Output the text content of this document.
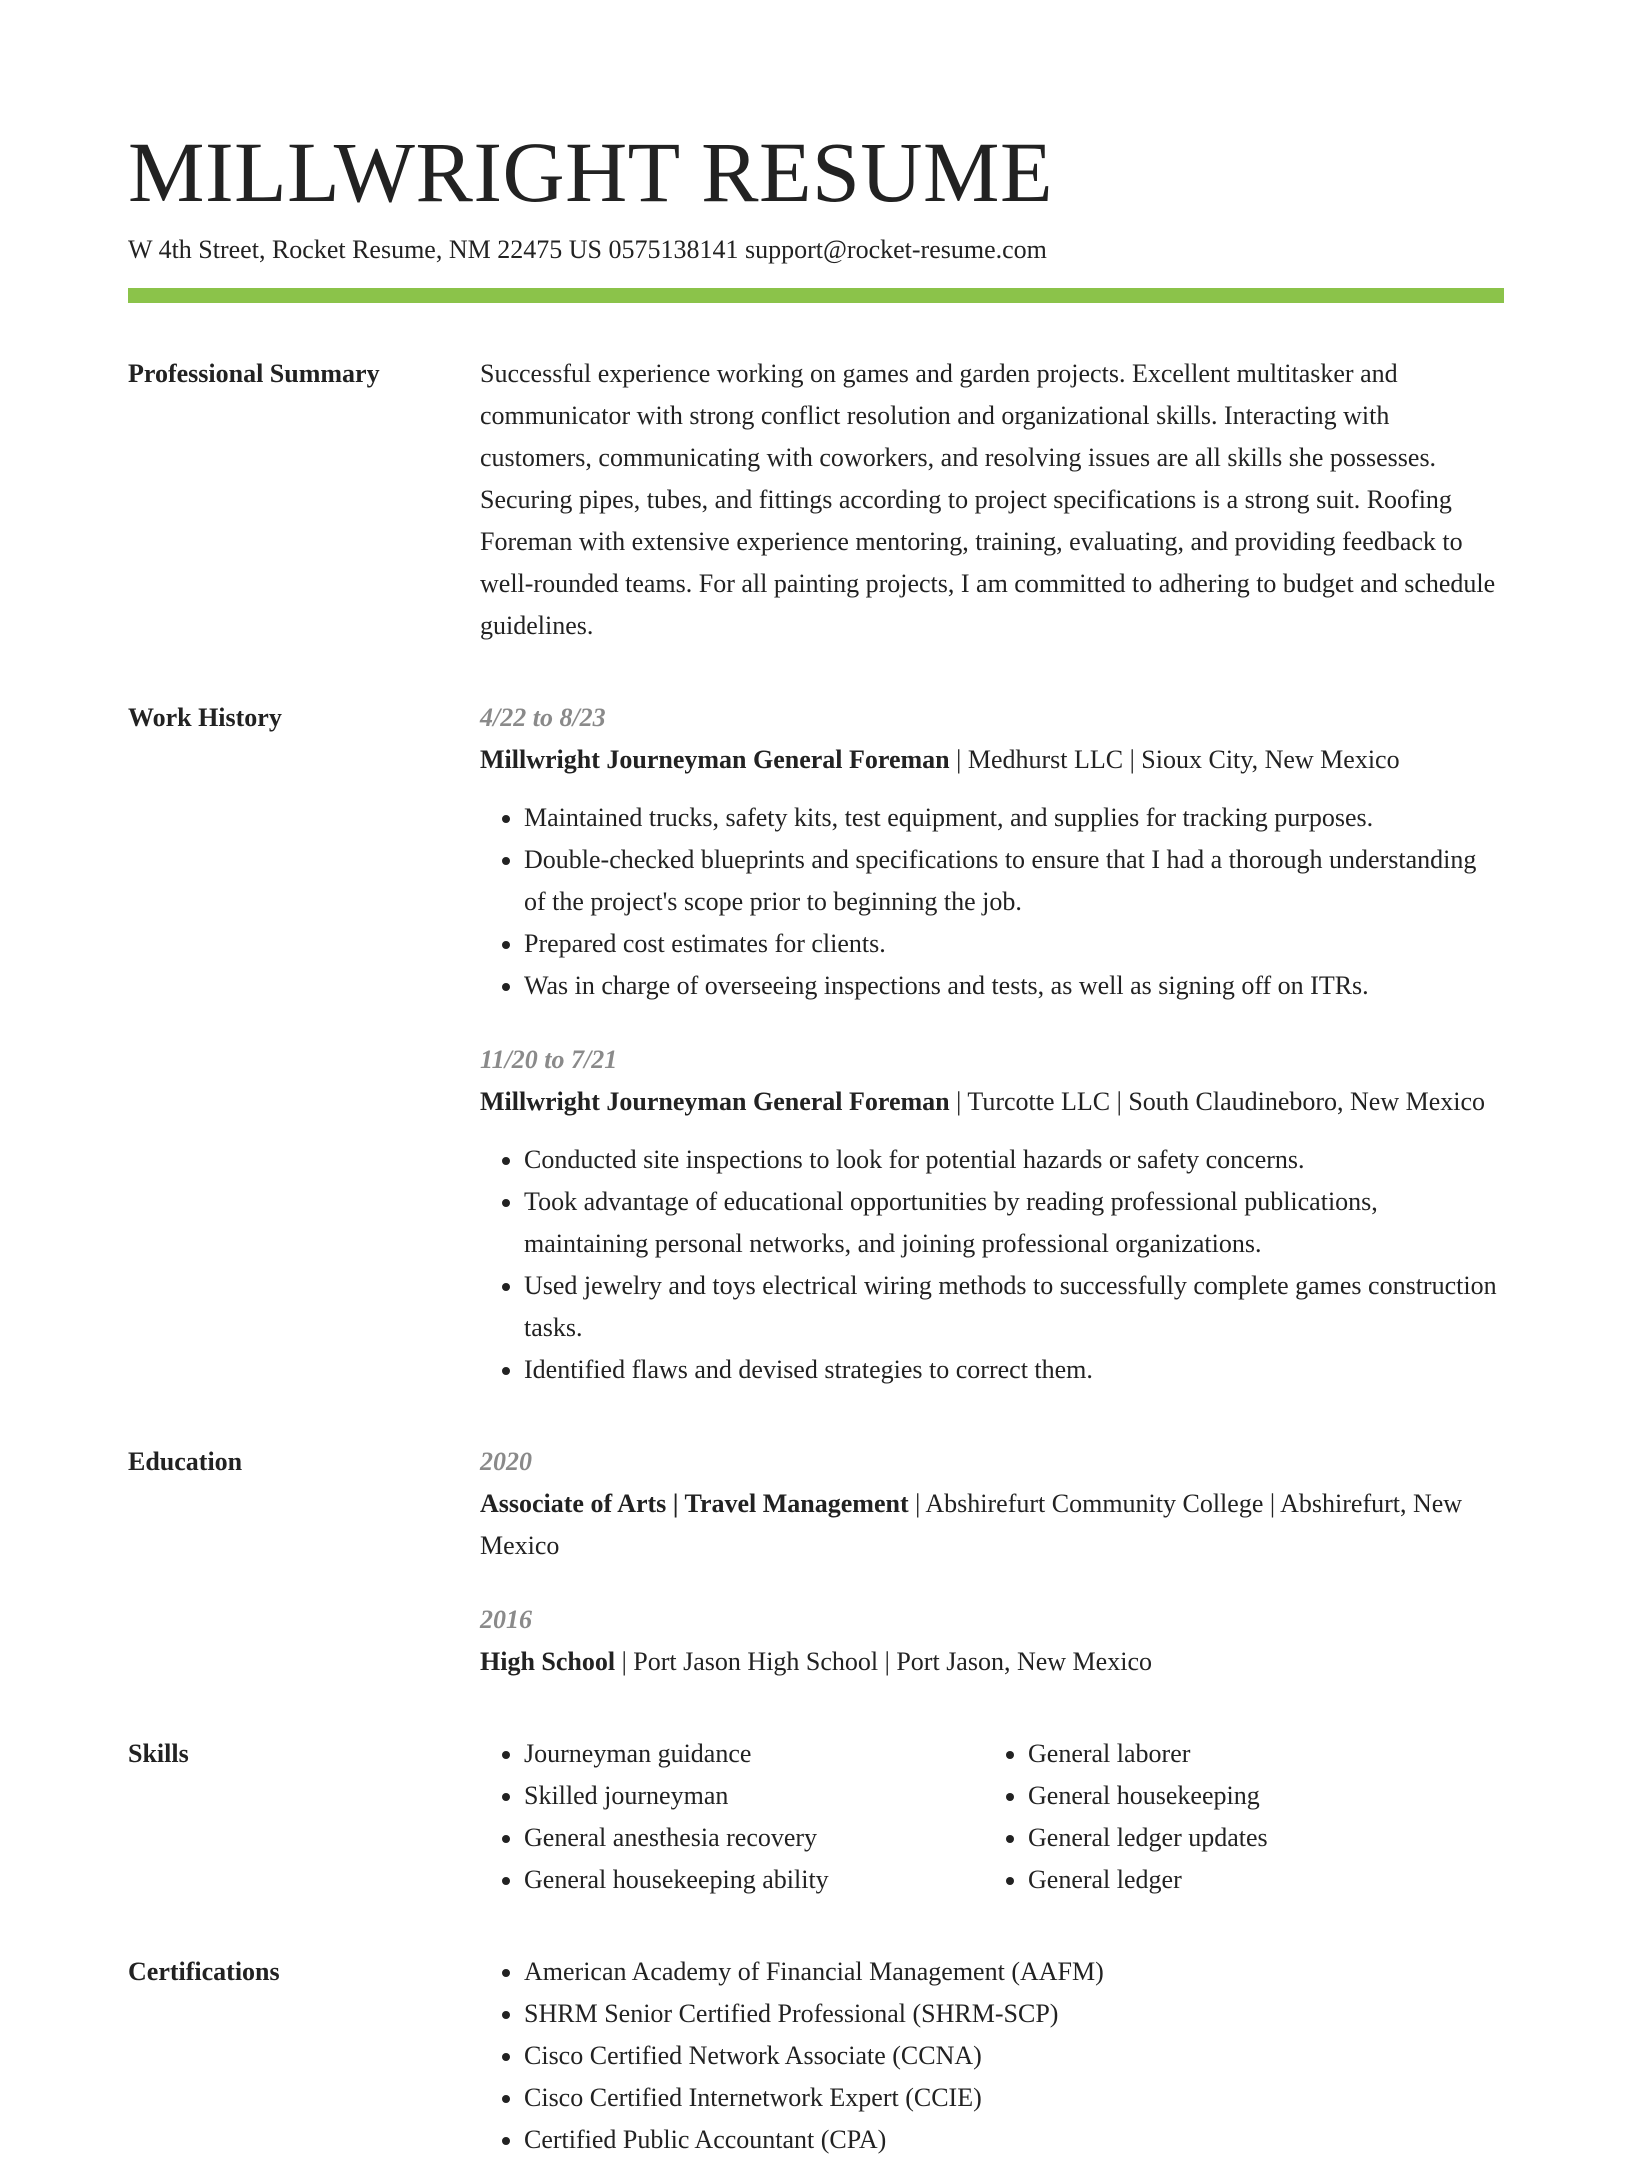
MILLWRIGHT RESUME
W 4th Street, Rocket Resume, NM 22475 US 0575138141 support@rocket-resume.com
Professional Summary	Successful experience working on games and garden projects. Excellent multitasker and communicator with strong conflict resolution and organizational skills. Interacting with customers, communicating with coworkers, and resolving issues are all skills she possesses. Securing pipes, tubes, and fittings according to project specifications is a strong suit. Roofing Foreman with extensive experience mentoring, training, evaluating, and providing feedback to well-rounded teams. For all painting projects, I am committed to adhering to budget and schedule guidelines.

Work History	4/22 to 8/23
Millwright Journeyman General Foreman | Medhurst LLC | Sioux City, New Mexico
• Maintained trucks, safety kits, test equipment, and supplies for tracking purposes.
• Double-checked blueprints and specifications to ensure that I had a thorough understanding of the project's scope prior to beginning the job.
• Prepared cost estimates for clients.
• Was in charge of overseeing inspections and tests, as well as signing off on ITRs.
11/20 to 7/21
Millwright Journeyman General Foreman | Turcotte LLC | South Claudineboro, New Mexico
• Conducted site inspections to look for potential hazards or safety concerns.
• Took advantage of educational opportunities by reading professional publications, maintaining personal networks, and joining professional organizations.
• Used jewelry and toys electrical wiring methods to successfully complete games construction tasks.
• Identified flaws and devised strategies to correct them.
Education	2020
Associate of Arts | Travel Management | Abshirefurt Community College | Abshirefurt, New Mexico
2016
High School | Port Jason High School | Port Jason, New Mexico
Skills	• Journeyman guidance
• Skilled journeyman
• General anesthesia recovery
• General housekeeping ability
• General laborer
• General housekeeping
• General ledger updates
• General ledger
Certifications	• American Academy of Financial Management (AAFM)
• SHRM Senior Certified Professional (SHRM-SCP)
• Cisco Certified Network Associate (CCNA)
• Cisco Certified Internetwork Expert (CCIE)
• Certified Public Accountant (CPA)
